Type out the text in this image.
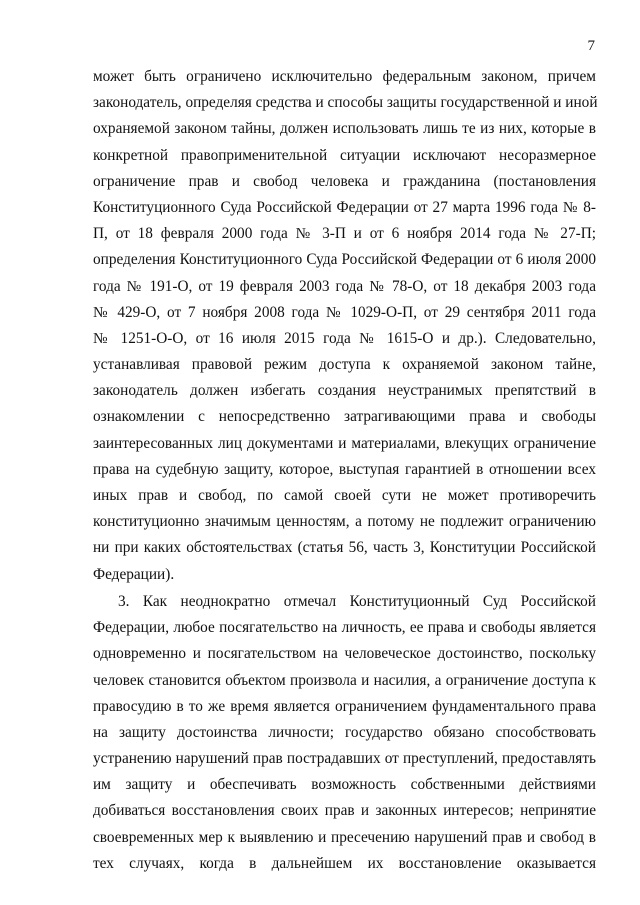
7
может быть ограничено исключительно федеральным законом, причем
законодатель, определяя средства и способы защиты государственной и иной
охраняемой законом тайны, должен использовать лишь те из них, которые в
конкретной правоприменительной ситуации исключают несоразмерное
ограничение прав и свобод человека и гражданина (постановления
Конституционного Суда Российской Федерации от 27 марта 1996 года № 8-
П, от 18 февраля 2000 года № 3-П и от 6 ноября 2014 года № 27-П;
определения Конституционного Суда Российской Федерации от 6 июля 2000
года № 191-О, от 19 февраля 2003 года № 78-О, от 18 декабря 2003 года
№ 429-О, от 7 ноября 2008 года № 1029-О-П, от 29 сентября 2011 года
№ 1251-О-О, от 16 июля 2015 года № 1615-О и др.). Следовательно,
устанавливая правовой режим доступа к охраняемой законом тайне,
законодатель должен избегать создания неустранимых препятствий в
ознакомлении с непосредственно затрагивающими права и свободы
заинтересованных лиц документами и материалами, влекущих ограничение
права на судебную защиту, которое, выступая гарантией в отношении всех
иных прав и свобод, по самой своей сути не может противоречить
конституционно значимым ценностям, а потому не подлежит ограничению
ни при каких обстоятельствах (статья 56, часть 3, Конституции Российской
Федерации).
3. Как неоднократно отмечал Конституционный Суд Российской
Федерации, любое посягательство на личность, ее права и свободы является
одновременно и посягательством на человеческое достоинство, поскольку
человек становится объектом произвола и насилия, а ограничение доступа к
правосудию в то же время является ограничением фундаментального права
на защиту достоинства личности; государство обязано способствовать
устранению нарушений прав пострадавших от преступлений, предоставлять
им защиту и обеспечивать возможность собственными действиями
добиваться восстановления своих прав и законных интересов; непринятие
своевременных мер к выявлению и пресечению нарушений прав и свобод в
тех случаях, когда в дальнейшем их восстановление оказывается
